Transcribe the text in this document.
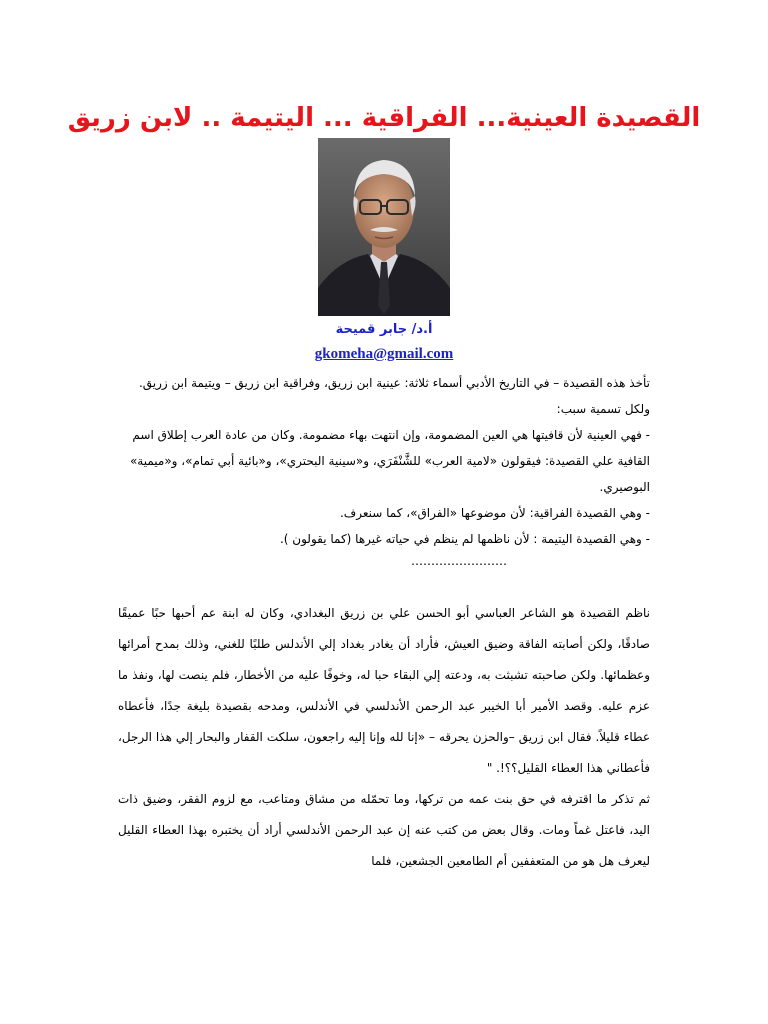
القصيدة العينية... الفراقية ... اليتيمة .. لابن زريق
أ.د/ جابر قميحة
gkomeha@gmail.com

تأخذ هذه القصيدة – في التاريخ الأدبي أسماء ثلاثة: عينية ابن زريق، وفراقية ابن زريق – ويتيمة ابن زريق. ولكل تسمية سبب:

- فهي العينية لأن قافيتها هي العين المضمومة، وإن انتهت بهاء مضمومة. وكان من عادة العرب إطلاق اسم القافية علي القصيدة: فيقولون «لامية العرب» للشَّنْفَرَي، و«سينية البحتري»، و«بائية أبي تمام»، و«ميمية» البوصيري.

- وهي القصيدة الفراقية: لأن موضوعها «الفراق»، كما سنعرف.

- وهي القصيدة اليتيمة : لأن ناظمها لم ينظم في حياته غيرها (كما يقولون ).

……………………

ناظم القصيدة هو الشاعر العباسي أبو الحسن علي بن زريق البغدادي، وكان له ابنة عم أحبها حبًا عميقًا صادقًا، ولكن أصابته الفاقة وضيق العيش، فأراد أن يغادر بغداد إلي الأندلس طلبًا للغني، وذلك بمدح أمرائها وعظمائها. ولكن صاحبته تشبثت به، ودعته إلي البقاء حبا له، وخوفًا عليه من الأخطار، فلم ينصت لها، ونفذ ما عزم عليه. وقصد الأمير أبا الخيبر عبد الرحمن الأندلسي في الأندلس، ومدحه بقصيدة بليغة جدًا، فأعطاه عطاء قليلاً. فقال ابن زريق –والحزن يحرقه – «إنا لله وإنا إليه راجعون، سلكت القفار والبحار إلي هذا الرجل، فأعطاني هذا العطاء القليل؟؟!. "

ثم تذكر ما اقترفه في حق بنت عمه من تركها، وما تحمّله من مشاق ومتاعب، مع لزوم الفقر، وضيق ذات اليد، فاعتل غماً ومات. وقال بعض من كتب عنه إن عبد الرحمن الأندلسي أراد أن يختبره بهذا العطاء القليل ليعرف هل هو من المتعففين أم الطامعين الجشعين، فلما
